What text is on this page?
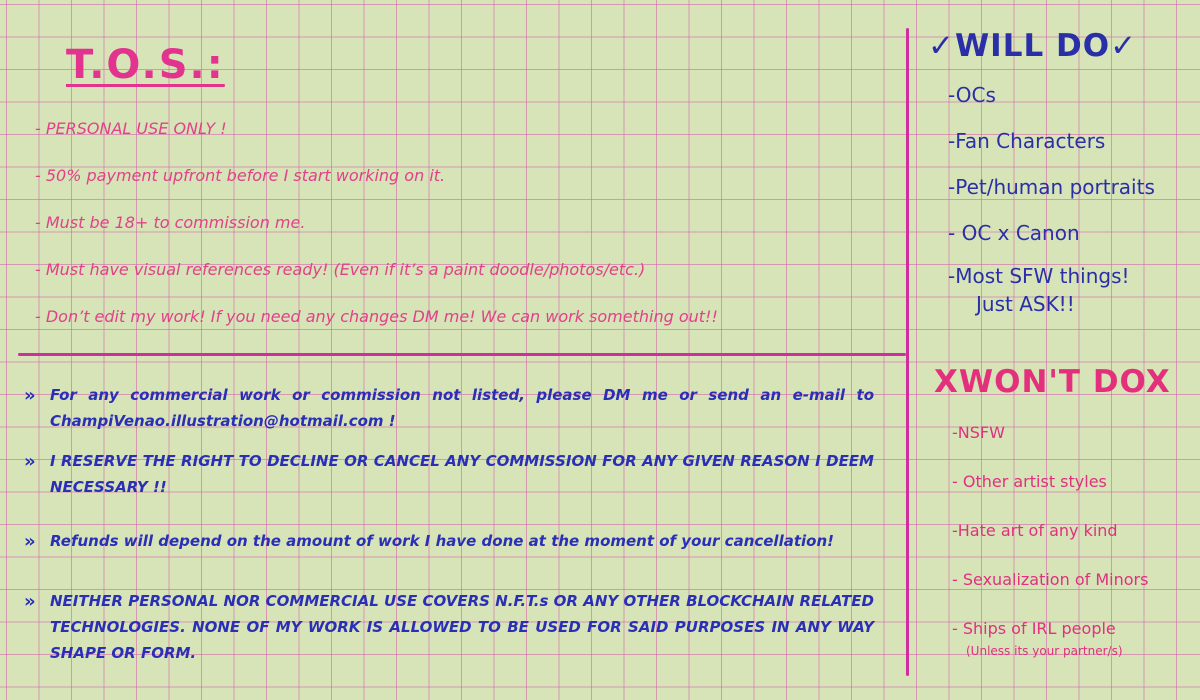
T.O.S.:
- PERSONAL USE ONLY !
- 50% payment upfront before I start working on it.
- Must be 18+ to commission me.
- Must have visual references ready! (Even if it’s a paint doodle/photos/etc.)
- Don’t edit my work! If you need any changes DM me! We can work something out!!
» For any commercial work or commission not listed, please DM me or send an e-mail to ChampiVenao.illustration@hotmail.com !
» I RESERVE THE RIGHT TO DECLINE OR CANCEL ANY COMMISSION FOR ANY GIVEN REASON I DEEM NECESSARY !!
» Refunds will depend on the amount of work I have done at the moment of your cancellation!
» NEITHER PERSONAL NOR COMMERCIAL USE COVERS N.F.T.s OR ANY OTHER BLOCKCHAIN RELATED TECHNOLOGIES. NONE OF MY WORK IS ALLOWED TO BE USED FOR SAID PURPOSES IN ANY WAY SHAPE OR FORM.
✓WILL DO✓
-OCs
-Fan Characters
-Pet/human portraits
- OC x Canon
-Most SFW things!
Just ASK!!
XWON'T DOX
-NSFW
- Other artist styles
-Hate art of any kind
- Sexualization of Minors
- Ships of IRL people
(Unless its your partner/s)
